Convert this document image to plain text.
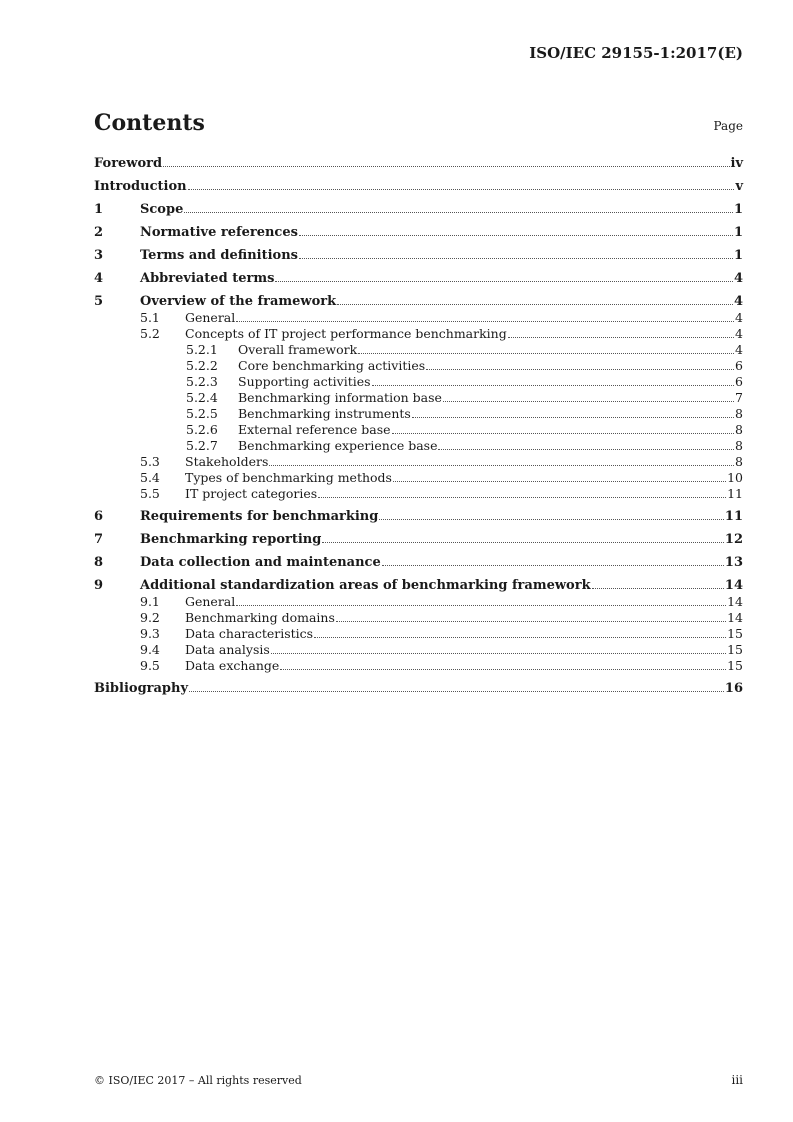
ISO/IEC 29155-1:2017(E)
Contents	Page
Foreword	iv
Introduction	v
1	Scope	1
2	Normative references	1
3	Terms and definitions	1
4	Abbreviated terms	4
5	Overview of the framework	4
5.1	General	4
5.2	Concepts of IT project performance benchmarking	4
5.2.1	Overall framework	4
5.2.2	Core benchmarking activities	6
5.2.3	Supporting activities	6
5.2.4	Benchmarking information base	7
5.2.5	Benchmarking instruments	8
5.2.6	External reference base	8
5.2.7	Benchmarking experience base	8
5.3	Stakeholders	8
5.4	Types of benchmarking methods	10
5.5	IT project categories	11
6	Requirements for benchmarking	11
7	Benchmarking reporting	12
8	Data collection and maintenance	13
9	Additional standardization areas of benchmarking framework	14
9.1	General	14
9.2	Benchmarking domains	14
9.3	Data characteristics	15
9.4	Data analysis	15
9.5	Data exchange	15
Bibliography	16
© ISO/IEC 2017 – All rights reserved	iii
